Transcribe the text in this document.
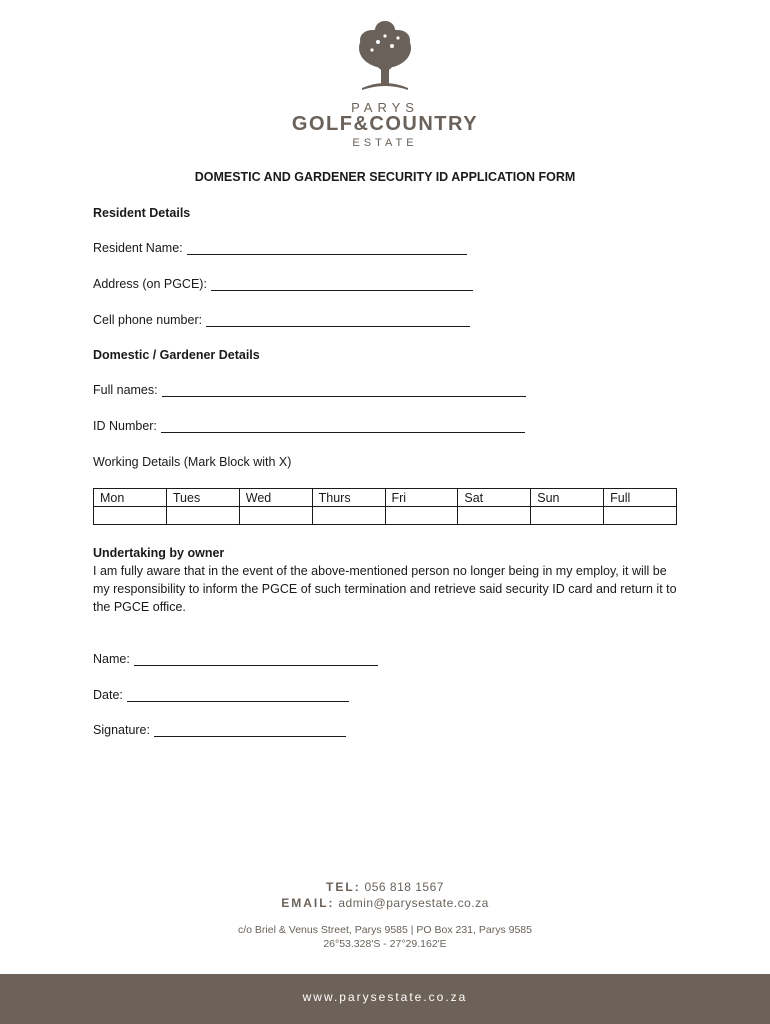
PARYS
GOLF&COUNTRY
ESTATE
DOMESTIC AND GARDENER SECURITY ID APPLICATION FORM
Resident Details
Resident Name:
Address (on PGCE):
Cell phone number:
Domestic / Gardener Details
Full names:
ID Number:
Working Details (Mark Block with X)
Mon	Tues	Wed	Thurs	Fri	Sat	Sun	Full

Undertaking by owner
I am fully aware that in the event of the above-mentioned person no longer being in my employ, it will be my responsibility to inform the PGCE of such termination and retrieve said security ID card and return it to the PGCE office.
Name:
Date:
Signature:
TEL: 056 818 1567
EMAIL: admin@parysestate.co.za
c/o Briel & Venus Street, Parys 9585 | PO Box 231, Parys 9585
26°53.328'S - 27°29.162'E
www.parysestate.co.za
